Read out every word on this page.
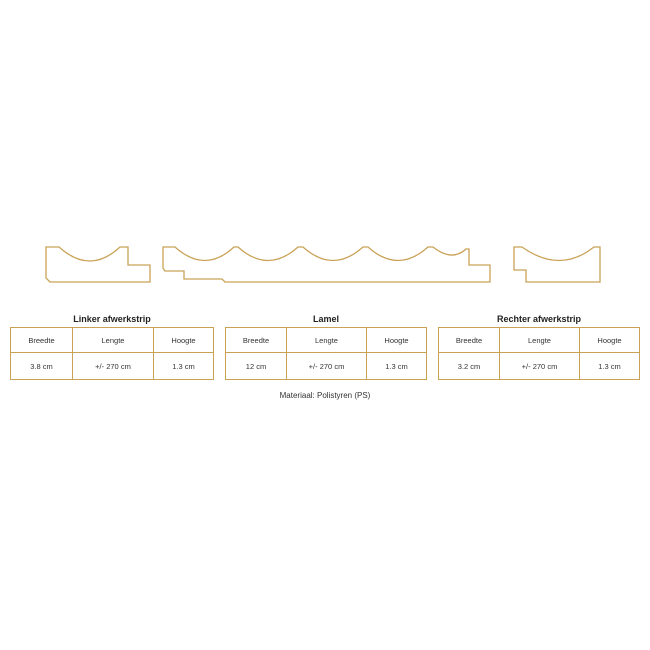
Linker afwerkstrip
Breedte	Lengte	Hoogte
3.8 cm	+/- 270 cm	1.3 cm
Lamel
Breedte	Lengte	Hoogte
12 cm	+/- 270 cm	1.3 cm
Rechter afwerkstrip
Breedte	Lengte	Hoogte
3.2 cm	+/- 270 cm	1.3 cm
Materiaal: Polistyren (PS)
